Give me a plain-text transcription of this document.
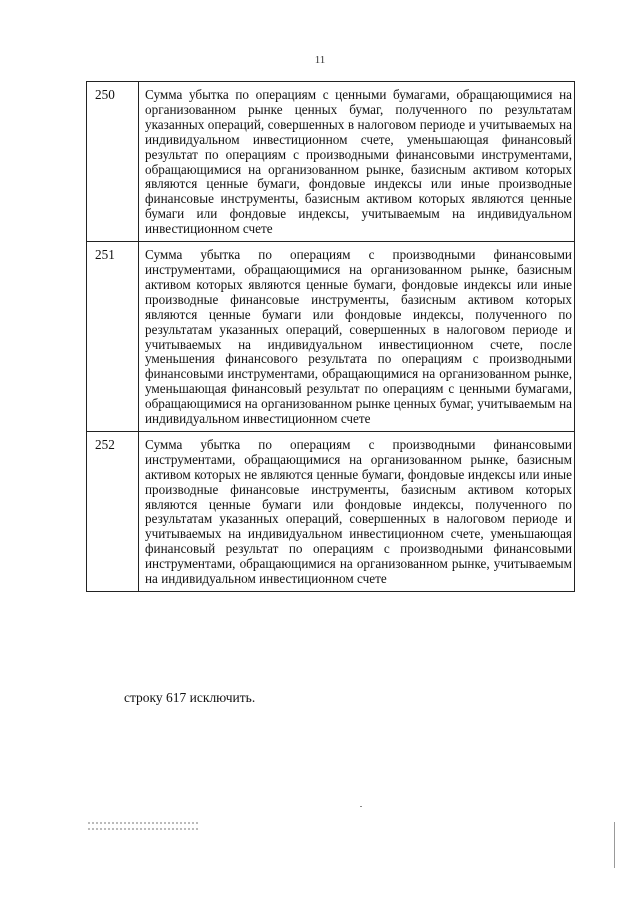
11
250	Сумма убытка по операциям с ценными бумагами, обращающимися на организованном рынке ценных бумаг, полученного по результатам указанных операций, совершенных в налоговом периоде и учитываемых на индивидуальном инвестиционном счете, уменьшающая финансовый результат по операциям с производными финансовыми инструментами, обращающимися на организованном рынке, базисным активом которых являются ценные бумаги, фондовые индексы или иные производные финансовые инструменты, базисным активом которых являются ценные бумаги или фондовые индексы, учитываемым на индивидуальном инвестиционном счете
251	Сумма убытка по операциям с производными финансовыми инструментами, обращающимися на организованном рынке, базисным активом которых являются ценные бумаги, фондовые индексы или иные производные финансовые инструменты, базисным активом которых являются ценные бумаги или фондовые индексы, полученного по результатам указанных операций, совершенных в налоговом периоде и учитываемых на индивидуальном инвестиционном счете, после уменьшения финансового результата по операциям с производными финансовыми инструментами, обращающимися на организованном рынке, уменьшающая финансовый результат по операциям с ценными бумагами, обращающимися на организованном рынке ценных бумаг, учитываемым на индивидуальном инвестиционном счете
252	Сумма убытка по операциям с производными финансовыми инструментами, обращающимися на организованном рынке, базисным активом которых не являются ценные бумаги, фондовые индексы или иные производные финансовые инструменты, базисным активом которых являются ценные бумаги или фондовые индексы, полученного по результатам указанных операций, совершенных в налоговом периоде и учитываемых на индивидуальном инвестиционном счете, уменьшающая финансовый результат по операциям с производными финансовыми инструментами, обращающимися на организованном рынке, учитываемым на индивидуальном инвестиционном счете
строку 617 исключить.
